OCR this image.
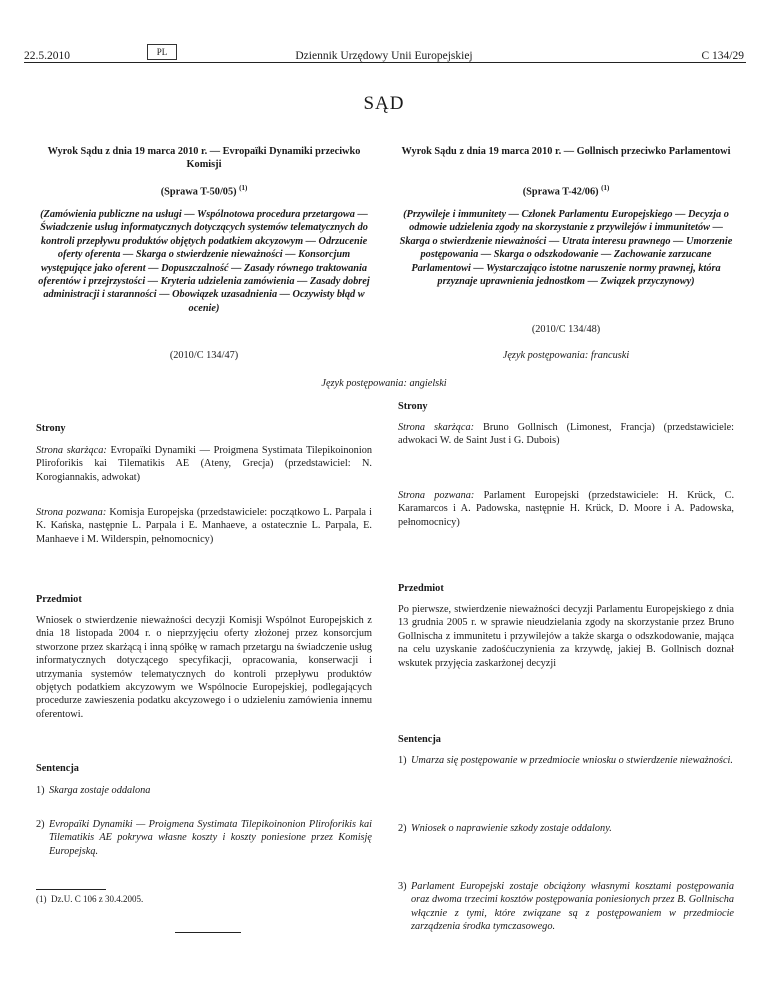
22.5.2010	PL	Dziennik Urzędowy Unii Europejskiej	C 134/29
SĄD
Wyrok Sądu z dnia 19 marca 2010 r. — Evropaïki Dynamiki przeciwko Komisji
(Sprawa T-50/05) $^{(1)}$
(Zamówienia publiczne na usługi — Wspólnotowa procedura przetargowa — Świadczenie usług informatycznych dotyczących systemów telematycznych do kontroli przepływu produktów objętych podatkiem akcyzowym — Odrzucenie oferty oferenta — Skarga o stwierdzenie nieważności — Konsorcjum występujące jako oferent — Dopuszczalność — Zasady równego traktowania oferentów i przejrzystości — Kryteria udzielenia zamówienia — Zasady dobrej administracji i staranności — Obowiązek uzasadnienia — Oczywisty błąd w ocenie)
(2010/C 134/47)
Język postępowania: angielski
Strony
Strona skarżąca: Evropaïki Dynamiki — Proigmena Systimata Tilepikoinonion Pliroforikis kai Tilematikis AE (Ateny, Grecja) (przedstawiciel: N. Korogiannakis, adwokat)
Strona pozwana: Komisja Europejska (przedstawiciele: początkowo L. Parpala i K. Kańska, następnie L. Parpala i E. Manhaeve, a ostatecznie L. Parpala, E. Manhaeve i M. Wilderspin, pełnomocnicy)
Przedmiot
Wniosek o stwierdzenie nieważności decyzji Komisji Wspólnot Europejskich z dnia 18 listopada 2004 r. o nieprzyjęciu oferty złożonej przez konsorcjum stworzone przez skarżącą i inną spółkę w ramach przetargu na świadczenie usług informatycznych dotyczącego specyfikacji, opracowania, konserwacji i utrzymania systemów telematycznych do kontroli przepływu produktów objętych podatkiem akcyzowym we Wspólnocie Europejskiej, podlegających procedurze zawieszenia podatku akcyzowego i o udzieleniu zamówienia innemu oferentowi.
Sentencja
1) Skarga zostaje oddalona
2) Evropaïki Dynamiki — Proigmena Systimata Tilepikoinonion Pliroforikis kai Tilematikis AE pokrywa własne koszty i koszty poniesione przez Komisję Europejską.
(1) Dz.U. C 106 z 30.4.2005.
Wyrok Sądu z dnia 19 marca 2010 r. — Gollnisch przeciwko Parlamentowi
(Sprawa T-42/06) $^{(1)}$
(Przywileje i immunitety — Członek Parlamentu Europejskiego — Decyzja o odmowie udzielenia zgody na skorzystanie z przywilejów i immunitetów — Skarga o stwierdzenie nieważności — Utrata interesu prawnego — Umorzenie postępowania — Skarga o odszkodowanie — Zachowanie zarzucane Parlamentowi — Wystarczająco istotne naruszenie normy prawnej, która przyznaje uprawnienia jednostkom — Związek przyczynowy)
(2010/C 134/48)
Język postępowania: francuski
Strony
Strona skarżąca: Bruno Gollnisch (Limonest, Francja) (przedstawiciele: adwokaci W. de Saint Just i G. Dubois)
Strona pozwana: Parlament Europejski (przedstawiciele: H. Krück, C. Karamarcos i A. Padowska, następnie H. Krück, D. Moore i A. Padowska, pełnomocnicy)
Przedmiot
Po pierwsze, stwierdzenie nieważności decyzji Parlamentu Europejskiego z dnia 13 grudnia 2005 r. w sprawie nieudzielania zgody na skorzystanie przez Bruno Gollnischa z immunitetu i przywilejów a także skarga o odszkodowanie, mająca na celu uzyskanie zadośćuczynienia za krzywdę, jakiej B. Gollnisch doznał wskutek przyjęcia zaskarżonej decyzji
Sentencja
1) Umarza się postępowanie w przedmiocie wniosku o stwierdzenie nieważności.
2) Wniosek o naprawienie szkody zostaje oddalony.
3) Parlament Europejski zostaje obciążony własnymi kosztami postępowania oraz dwoma trzecimi kosztów postępowania poniesionych przez B. Gollnischa włącznie z tymi, które związane są z postępowaniem w przedmiocie zarządzenia środka tymczasowego.
